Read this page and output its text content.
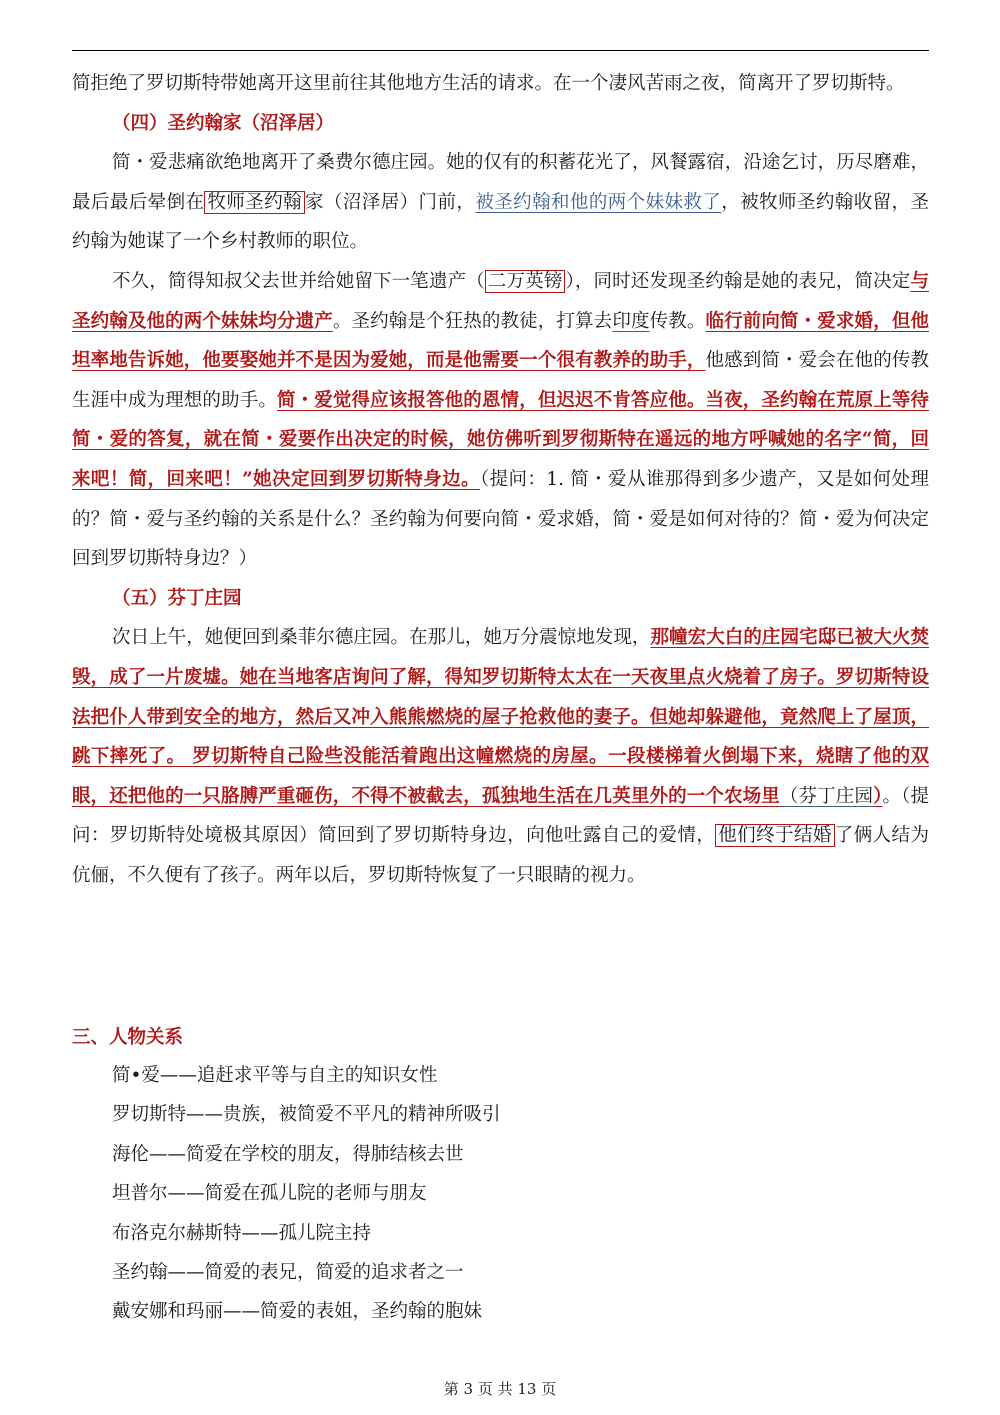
简拒绝了罗切斯特带她离开这里前往其他地方生活的请求。在一个凄风苦雨之夜，简离开了罗切斯特。

（四）圣约翰家（沼泽居）

简・爱悲痛欲绝地离开了桑费尔德庄园。她的仅有的积蓄花光了，风餐露宿，沿途乞讨，历尽磨难，最后最后晕倒在 牧师圣约翰 家（沼泽居）门前，被圣约翰和他的两个妹妹救了，被牧师圣约翰收留，圣约翰为她谋了一个乡村教师的职位。

不久，简得知叔父去世并给她留下一笔遗产（ 二万英镑 ），同时还发现圣约翰是她的表兄，简决定与圣约翰及他的两个妹妹均分遗产。圣约翰是个狂热的教徒，打算去印度传教。临行前向简・爱求婚，但他坦率地告诉她，他要娶她并不是因为爱她，而是他需要一个很有教养的助手，他感到简・爱会在他的传教生涯中成为理想的助手。简・爱觉得应该报答他的恩情，但迟迟不肯答应他。当夜，圣约翰在荒原上等待简・爱的答复，就在简・爱要作出决定的时候，她仿佛听到罗彻斯特在遥远的地方呼喊她的名字“简，回来吧！简，回来吧！”她决定回到罗切斯特身边。（提问：1. 简・爱从谁那得到多少遗产，又是如何处理的？简・爱与圣约翰的关系是什么？圣约翰为何要向简・爱求婚，简・爱是如何对待的？简・爱为何决定回到罗切斯特身边？）

（五）芬丁庄园

次日上午，她便回到桑菲尔德庄园。在那儿，她万分震惊地发现，那幢宏大白的庄园宅邸已被大火焚毁，成了一片废墟。她在当地客店询问了解，得知罗切斯特太太在一天夜里点火烧着了房子。罗切斯特设法把仆人带到安全的地方，然后又冲入熊熊燃烧的屋子抢救他的妻子。但她却躲避他，竟然爬上了屋顶，跳下摔死了。 罗切斯特自己险些没能活着跑出这幢燃烧的房屋。一段楼梯着火倒塌下来，烧瞎了他的双眼，还把他的一只胳膊严重砸伤，不得不被截去，孤独地生活在几英里外的一个农场里（芬丁庄园）。（提问：罗切斯特处境极其原因）简回到了罗切斯特身边，向他吐露自己的爱情， 他们终于结婚 了俩人结为伉俪，不久便有了孩子。两年以后，罗切斯特恢复了一只眼睛的视力。

三、人物关系

简•爱——追赶求平等与自主的知识女性
罗切斯特——贵族，被简爱不平凡的精神所吸引
海伦——简爱在学校的朋友，得肺结核去世
坦普尔——简爱在孤儿院的老师与朋友
布洛克尔赫斯特——孤儿院主持
圣约翰——简爱的表兄，简爱的追求者之一
戴安娜和玛丽——简爱的表姐，圣约翰的胞妹
第 3 页 共 13 页
